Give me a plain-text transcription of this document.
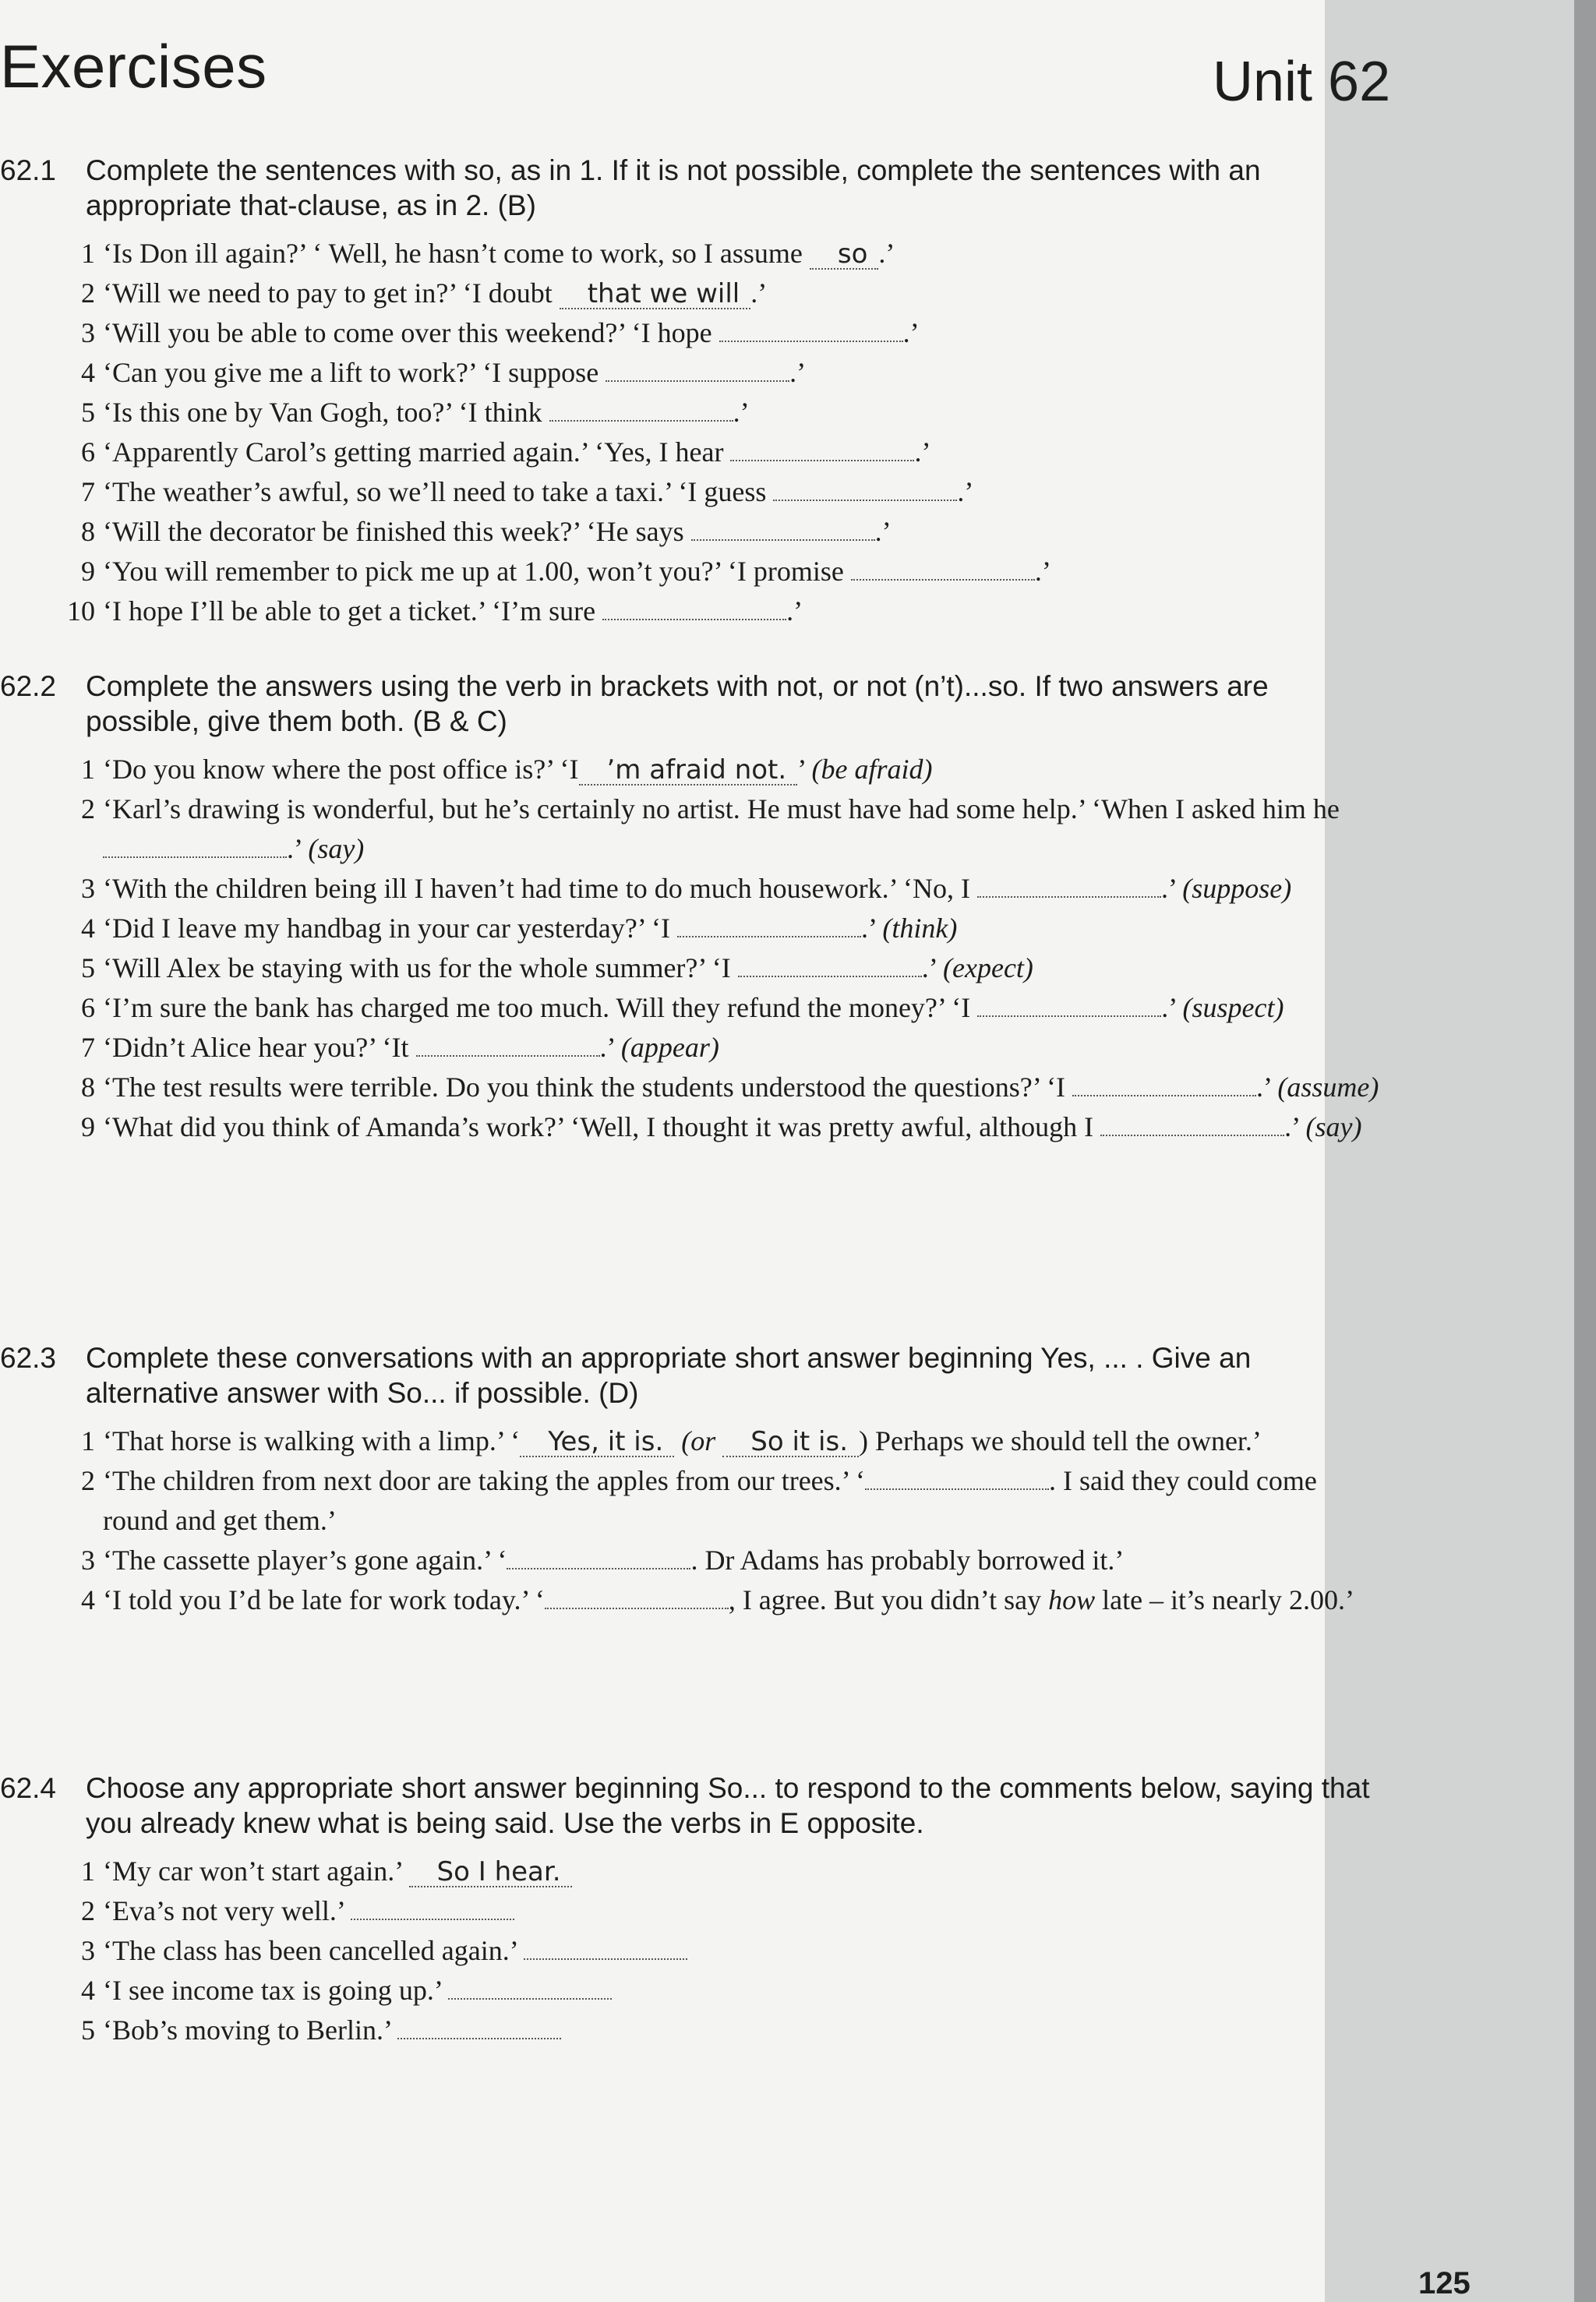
Exercises	Unit 62
62.1 Complete the sentences with so, as in 1. If it is not possible, complete the sentences with an appropriate that-clause, as in 2. (B)
1 ‘Is Don ill again?’ ‘ Well, he hasn’t come to work, so I assume so .’
2 ‘Will we need to pay to get in?’ ‘I doubt that we will .’
3 ‘Will you be able to come over this weekend?’ ‘I hope	.’
4 ‘Can you give me a lift to work?’ ‘I suppose	.’
5 ‘Is this one by Van Gogh, too?’ ‘I think	.’
6 ‘Apparently Carol’s getting married again.’ ‘Yes, I hear	.’
7 ‘The weather’s awful, so we’ll need to take a taxi.’ ‘I guess	.’
8 ‘Will the decorator be finished this week?’ ‘He says	.’
9 ‘You will remember to pick me up at 1.00, won’t you?’ ‘I promise	.’
10 ‘I hope I’ll be able to get a ticket.’ ‘I’m sure	.’
62.2 Complete the answers using the verb in brackets with not, or not (n’t)...so. If two answers are possible, give them both. (B & C)
1 ‘Do you know where the post office is?’ ‘I ’m afraid not. ’ (be afraid)
2 ‘Karl’s drawing is wonderful, but he’s certainly no artist. He must have had some help.’ ‘When I asked him he.’ (say)
3 ‘With the children being ill I haven’t had time to do much housework.’ ‘No, I	.’ (suppose)
4 ‘Did I leave my handbag in your car yesterday?’ ‘I	.’ (think)
5 ‘Will Alex be staying with us for the whole summer?’ ‘I	.’ (expect)
6 ‘I’m sure the bank has charged me too much. Will they refund the money?’ ‘I	.’ (suspect)
7 ‘Didn’t Alice hear you?’ ‘It	.’ (appear)
8 ‘The test results were terrible. Do you think the students understood the questions?’ ‘I	.’ (assume)
9 ‘What did you think of Amanda’s work?’ ‘Well, I thought it was pretty awful, although I	.’ (say)
62.3 Complete these conversations with an appropriate short answer beginning Yes, ... . Give an alternative answer with So... if possible. (D)
1 ‘That horse is walking with a limp.’ ‘ Yes, it is. (or So it is. ) Perhaps we should tell the owner.’
2 ‘The children from next door are taking the apples from our trees.’ ‘	. I said they could come round and get them.’
3 ‘The cassette player’s gone again.’ ‘	. Dr Adams has probably borrowed it.’
4 ‘I told you I’d be late for work today.’ ‘	, I agree. But you didn’t say how late – it’s nearly 2.00.’
62.4 Choose any appropriate short answer beginning So... to respond to the comments below, saying that you already knew what is being said. Use the verbs in E opposite.
1 ‘My car won’t start again.’ So I hear.
2 ‘Eva’s not very well.’
3 ‘The class has been cancelled again.’
4 ‘I see income tax is going up.’
5 ‘Bob’s moving to Berlin.’
125
